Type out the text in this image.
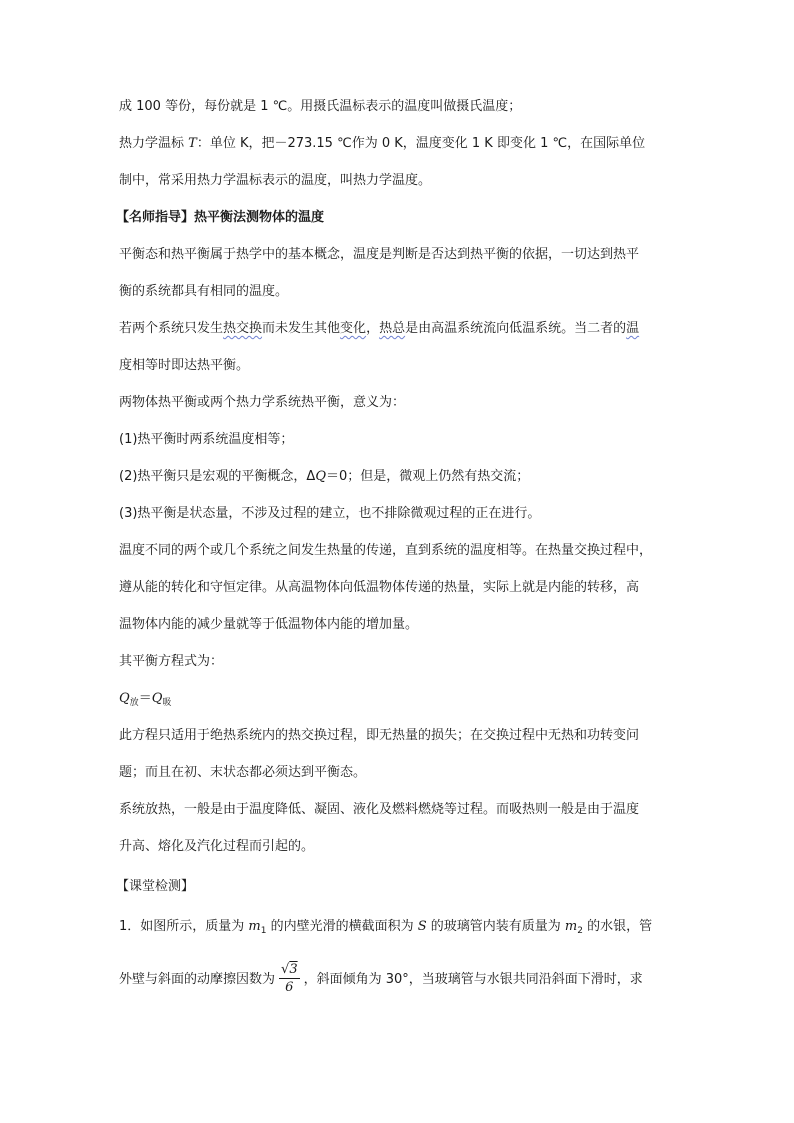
成 100 等份，每份就是 1 ℃。用摄氏温标表示的温度叫做摄氏温度；
热力学温标 T：单位 K，把－273.15 ℃作为 0 K，温度变化 1 K 即变化 1 ℃，在国际单位
制中，常采用热力学温标表示的温度，叫热力学温度。
【名师指导】热平衡法测物体的温度
平衡态和热平衡属于热学中的基本概念，温度是判断是否达到热平衡的依据，一切达到热平
衡的系统都具有相同的温度。
若两个系统只发生热交换而未发生其他变化，热总是由高温系统流向低温系统。当二者的温
度相等时即达热平衡。
两物体热平衡或两个热力学系统热平衡，意义为：
(1)热平衡时两系统温度相等；
(2)热平衡只是宏观的平衡概念，ΔQ＝0；但是，微观上仍然有热交流；
(3)热平衡是状态量，不涉及过程的建立，也不排除微观过程的正在进行。
温度不同的两个或几个系统之间发生热量的传递，直到系统的温度相等。在热量交换过程中，
遵从能的转化和守恒定律。从高温物体向低温物体传递的热量，实际上就是内能的转移，高
温物体内能的减少量就等于低温物体内能的增加量。
其平衡方程式为：
$Q_放=Q_吸$
此方程只适用于绝热系统内的热交换过程，即无热量的损失；在交换过程中无热和功转变问
题；而且在初、末状态都必须达到平衡态。
系统放热，一般是由于温度降低、凝固、液化及燃料燃烧等过程。而吸热则一般是由于温度
升高、熔化及汽化过程而引起的。
【课堂检测】
1．如图所示，质量为 $m_1$ 的内壁光滑的横截面积为 S 的玻璃管内装有质量为 $m_2$ 的水银，管
外壁与斜面的动摩擦因数为 $\frac{√3}{6}$ ，斜面倾角为 30°，当玻璃管与水银共同沿斜面下滑时，求
